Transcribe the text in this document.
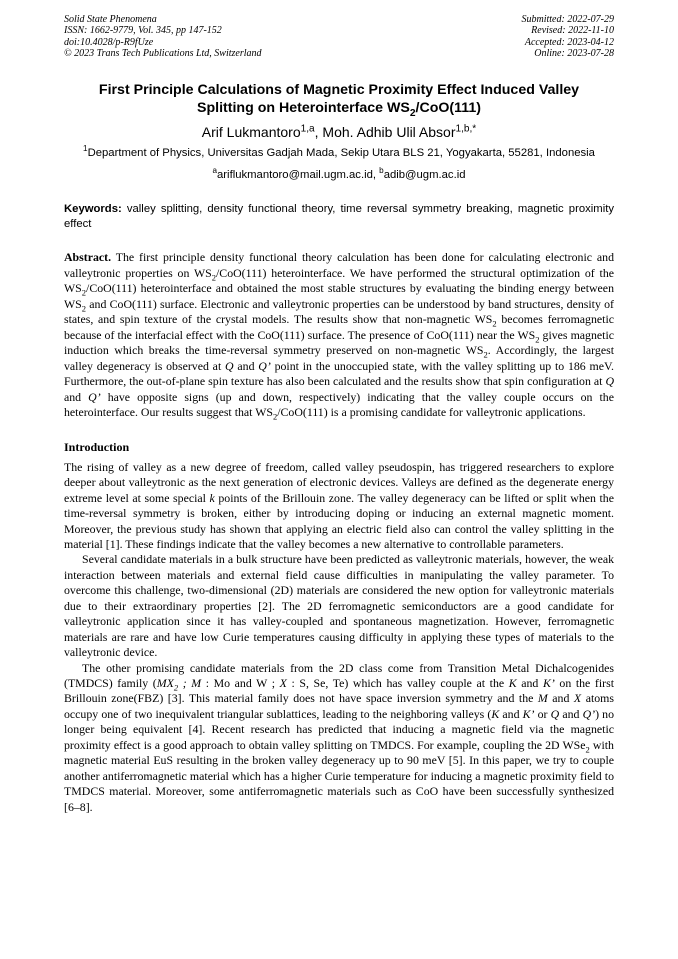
Solid State Phenomena
ISSN: 1662-9779, Vol. 345, pp 147-152
doi:10.4028/p-R9fUze
© 2023 Trans Tech Publications Ltd, Switzerland
Submitted: 2022-07-29
Revised: 2022-11-10
Accepted: 2023-04-12
Online: 2023-07-28
First Principle Calculations of Magnetic Proximity Effect Induced Valley
Splitting on Heterointerface $WS_2/CoO(111)$
Arif Lukmantoro$^{1,a}$, Moh. Adhib Ulil Absor$^{1,b,*}$
$^1$Department of Physics, Universitas Gadjah Mada, Sekip Utara BLS 21, Yogyakarta, 55281, Indonesia
$^a$ariflukmantoro@mail.ugm.ac.id, $^b$adib@ugm.ac.id
Keywords: valley splitting, density functional theory, time reversal symmetry breaking, magnetic proximity effect
Abstract. The first principle density functional theory calculation has been done for calculating electronic and valleytronic properties on $WS_2/CoO(111)$ heterointerface. We have performed the structural optimization of the $WS_2/CoO(111)$ heterointerface and obtained the most stable structures by evaluating the binding energy between $WS_2$ and CoO(111) surface. Electronic and valleytronic properties can be understood by band structures, density of states, and spin texture of the crystal models. The results show that non-magnetic $WS_2$ becomes ferromagnetic because of the interfacial effect with the CoO(111) surface. The presence of CoO(111) near the $WS_2$ gives magnetic induction which breaks the time-reversal symmetry preserved on non-magnetic $WS_2$. Accordingly, the largest valley degeneracy is observed at Q and Q’ point in the unoccupied state, with the valley splitting up to 186 meV. Furthermore, the out-of-plane spin texture has also been calculated and the results show that spin configuration at Q and Q’ have opposite signs (up and down, respectively) indicating that the valley couple occurs on the heterointerface. Our results suggest that $WS_2/CoO(111)$ is a promising candidate for valleytronic applications.
Introduction

The rising of valley as a new degree of freedom, called valley pseudospin, has triggered researchers to explore deeper about valleytronic as the next generation of electronic devices. Valleys are defined as the degenerate energy extreme level at some special k points of the Brillouin zone. The valley degeneracy can be lifted or split when the time-reversal symmetry is broken, either by introducing doping or inducing an external magnetic moment. Moreover, the previous study has shown that applying an electric field also can control the valley splitting in the material [1]. These findings indicate that the valley becomes a new alternative to controllable parameters.

Several candidate materials in a bulk structure have been predicted as valleytronic materials, however, the weak interaction between materials and external field cause difficulties in manipulating the valley parameter. To overcome this challenge, two-dimensional (2D) materials are considered the new option for valleytronic materials due to their extraordinary properties [2]. The 2D ferromagnetic semiconductors are a good candidate for valleytronic application since it has valley-coupled and spontaneous magnetization. However, ferromagnetic materials are rare and have low Curie temperatures causing difficulty in applying these types of materials to the valleytronic device.

The other promising candidate materials from the 2D class come from Transition Metal Dichalcogenides (TMDCS) family ($MX_2$ ; M : Mo and W ; X : S, Se, Te) which has valley couple at the K and K’ on the first Brillouin zone(FBZ) [3]. This material family does not have space inversion symmetry and the M and X atoms occupy one of two inequivalent triangular sublattices, leading to the neighboring valleys (K and K’ or Q and Q’) no longer being equivalent [4]. Recent research has predicted that inducing a magnetic field via the magnetic proximity effect is a good approach to obtain valley splitting on TMDCS. For example, coupling the 2D WSe$_2$ with magnetic material EuS resulting in the broken valley degeneracy up to 90 meV [5]. In this paper, we try to couple another antiferromagnetic material which has a higher Curie temperature for inducing a magnetic proximity field to TMDCS material. Moreover, some antiferromagnetic materials such as CoO have been successfully synthesized [6–8].
